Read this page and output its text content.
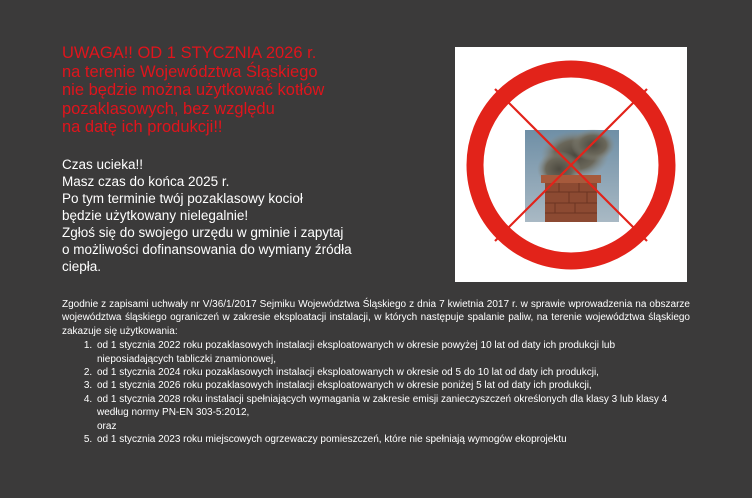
UWAGA!! OD 1 STYCZNIA 2026 r.
na terenie Województwa Śląskiego
nie będzie można użytkować kotłów
pozaklasowych, bez względu
na datę ich produkcji!!
Czas ucieka!!
Masz czas do końca 2025 r.
Po tym terminie twój pozaklasowy kocioł
będzie użytkowany nielegalnie!
Zgłoś się do swojego urzędu w gminie i zapytaj
o możliwości dofinansowania do wymiany źródła
ciepła.

Zgodnie z zapisami uchwały nr V/36/1/2017 Sejmiku Województwa Śląskiego z dnia 7 kwietnia 2017 r. w sprawie wprowadzenia na obszarze województwa śląskiego ograniczeń w zakresie eksploatacji instalacji, w których następuje spalanie paliw, na terenie województwa śląskiego zakazuje się użytkowania:

1. od 1 stycznia 2022 roku pozaklasowych instalacji eksploatowanych w okresie powyżej 10 lat od daty ich produkcji lub nieposiadających tabliczki znamionowej,
2. od 1 stycznia 2024 roku pozaklasowych instalacji eksploatowanych w okresie od 5 do 10 lat od daty ich produkcji,
3. od 1 stycznia 2026 roku pozaklasowych instalacji eksploatowanych w okresie poniżej 5 lat od daty ich produkcji,
4. od 1 stycznia 2028 roku instalacji spełniających wymagania w zakresie emisji zanieczyszczeń określonych dla klasy 3 lub klasy 4 według normy PN-EN 303-5:2012,
oraz
5. od 1 stycznia 2023 roku miejscowych ogrzewaczy pomieszczeń, które nie spełniają wymogów ekoprojektu
